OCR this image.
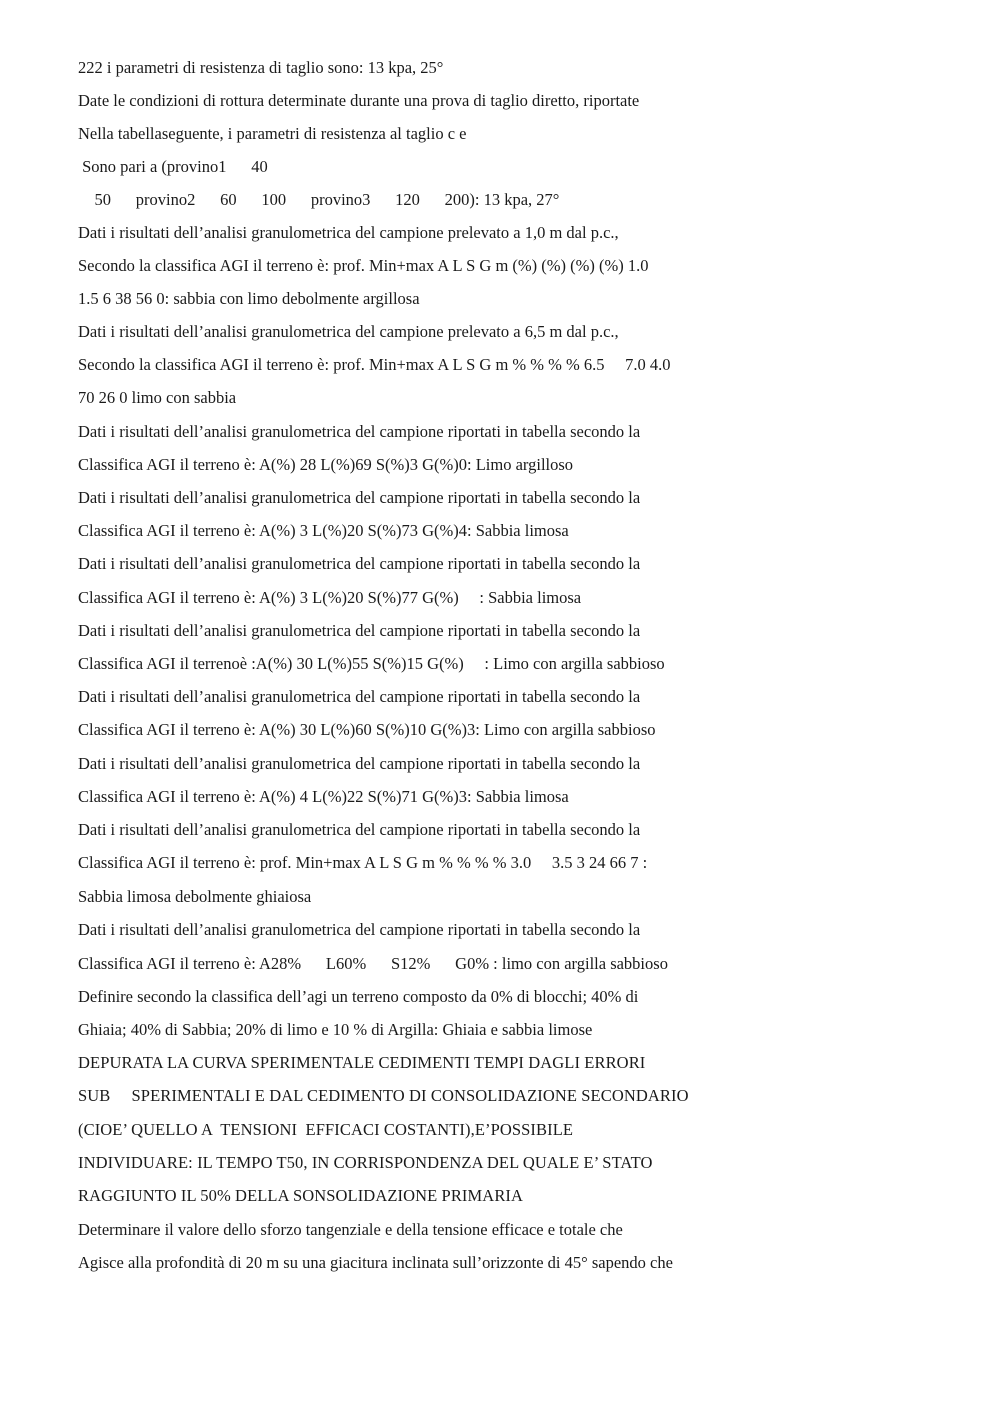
222 i parametri di resistenza di taglio sono: 13 kpa, 25°
Date le condizioni di rottura determinate durante una prova di taglio diretto, riportate
Nella tabellaseguente, i parametri di resistenza al taglio c e
Sono pari a (provino1      40
50      provino2      60      100      provino3      120      200): 13 kpa, 27°
Dati i risultati dell’analisi granulometrica del campione prelevato a 1,0 m dal p.c.,
Secondo la classifica AGI il terreno è: prof. Min+max A L S G m (%) (%) (%) (%) 1.0
1.5 6 38 56 0: sabbia con limo debolmente argillosa
Dati i risultati dell’analisi granulometrica del campione prelevato a 6,5 m dal p.c.,
Secondo la classifica AGI il terreno è: prof. Min+max A L S G m % % % % 6.5     7.0 4.0
70 26 0 limo con sabbia
Dati i risultati dell’analisi granulometrica del campione riportati in tabella secondo la
Classifica AGI il terreno è: A(%) 28 L(%)69 S(%)3 G(%)0: Limo argilloso
Dati i risultati dell’analisi granulometrica del campione riportati in tabella secondo la
Classifica AGI il terreno è: A(%) 3 L(%)20 S(%)73 G(%)4: Sabbia limosa
Dati i risultati dell’analisi granulometrica del campione riportati in tabella secondo la
Classifica AGI il terreno è: A(%) 3 L(%)20 S(%)77 G(%)     : Sabbia limosa
Dati i risultati dell’analisi granulometrica del campione riportati in tabella secondo la
Classifica AGI il terrenoè :A(%) 30 L(%)55 S(%)15 G(%)     : Limo con argilla sabbioso
Dati i risultati dell’analisi granulometrica del campione riportati in tabella secondo la
Classifica AGI il terreno è: A(%) 30 L(%)60 S(%)10 G(%)3: Limo con argilla sabbioso
Dati i risultati dell’analisi granulometrica del campione riportati in tabella secondo la
Classifica AGI il terreno è: A(%) 4 L(%)22 S(%)71 G(%)3: Sabbia limosa
Dati i risultati dell’analisi granulometrica del campione riportati in tabella secondo la
Classifica AGI il terreno è: prof. Min+max A L S G m % % % % 3.0     3.5 3 24 66 7 :
Sabbia limosa debolmente ghiaiosa
Dati i risultati dell’analisi granulometrica del campione riportati in tabella secondo la
Classifica AGI il terreno è: A28%      L60%      S12%      G0% : limo con argilla sabbioso
Definire secondo la classifica dell’agi un terreno composto da 0% di blocchi; 40% di
Ghiaia; 40% di Sabbia; 20% di limo e 10 % di Argilla: Ghiaia e sabbia limose
DEPURATA LA CURVA SPERIMENTALE CEDIMENTI TEMPI DAGLI ERRORI
SUB     SPERIMENTALI E DAL CEDIMENTO DI CONSOLIDAZIONE SECONDARIO
(CIOE’ QUELLO A  TENSIONI  EFFICACI COSTANTI),E’POSSIBILE
INDIVIDUARE: IL TEMPO T50, IN CORRISPONDENZA DEL QUALE E’ STATO
RAGGIUNTO IL 50% DELLA SONSOLIDAZIONE PRIMARIA
Determinare il valore dello sforzo tangenziale e della tensione efficace e totale che
Agisce alla profondità di 20 m su una giacitura inclinata sull’orizzonte di 45° sapendo che
